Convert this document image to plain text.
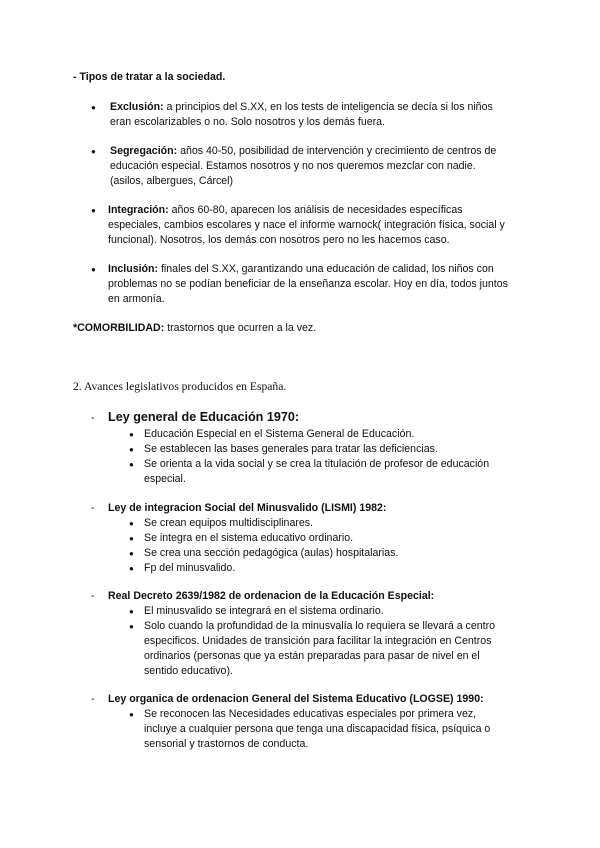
- Tipos de tratar a la sociedad.
● Exclusión: a principios del S.XX, en los tests de inteligencia se decía si los niños
eran escolarizables o no. Solo nosotros y los demás fuera.
● Segregación: años 40-50, posibilidad de intervención y crecimiento de centros de
educación especial. Estamos nosotros y no nos queremos mezclar con nadie.
(asilos, albergues, Cárcel)
● Integración: años 60-80, aparecen los análisis de necesidades específicas
especiales, cambios escolares y nace el informe warnock( integración física, social y
funcional). Nosotros, los demás con nosotros pero no les hacemos caso.
● Inclusión: finales del S.XX, garantizando una educación de calidad, los niños con
problemas no se podían beneficiar de la enseñanza escolar. Hoy en día, todos juntos
en armonía.
*COMORBILIDAD: trastornos que ocurren a la vez.
2. Avances legislativos producidos en España.
- Ley general de Educación 1970:
● Educación Especial en el Sistema General de Educación.
● Se establecen las bases generales para tratar las deficiencias.
● Se orienta a la vida social y se crea la titulación de profesor de educación
especial.
- Ley de integracion Social del Minusvalido (LISMI) 1982:
● Se crean equipos multidisciplinares.
● Se integra en el sistema educativo ordinario.
● Se crea una sección pedagógica (aulas) hospitalarias.
● Fp del minusvalido.
- Real Decreto 2639/1982 de ordenacion de la Educación Especial:
● El minusvalido se integrará en el sistema ordinario.
● Solo cuando la profundidad de la minusvalía lo requiera se llevará a centro
especificos. Unidades de transición para facilitar la integración en Centros
ordinarios (personas que ya están preparadas para pasar de nivel en el
sentido educativo).
- Ley organica de ordenacion General del Sistema Educativo (LOGSE) 1990:
● Se reconocen las Necesidades educativas especiales por primera vez,
incluye a cualquier persona que tenga una discapacidad física, psíquica o
sensorial y trastornos de conducta.
